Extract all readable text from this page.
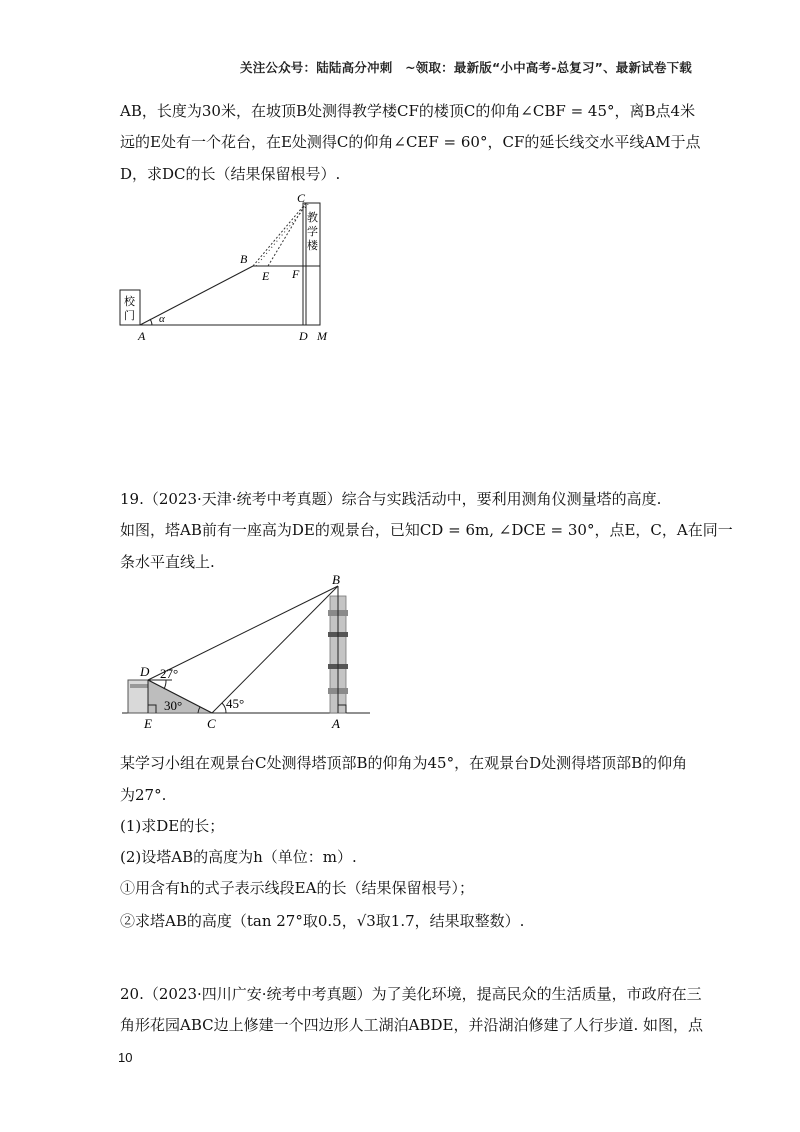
关注公众号：陆陆高分冲刺　~领取：最新版“小中高考-总复习”、最新试卷下载
AB，长度为30米，在坡顶B处测得教学楼CF的楼顶C的仰角∠CBF = 45°，离B点4米
远的E处有一个花台，在E处测得C的仰角∠CEF = 60°，CF的延长线交水平线AM于点
D，求DC的长（结果保留根号）.
校
门
教
学
楼
A
B
C
D
E F
M
α
19.（2023·天津·统考中考真题）综合与实践活动中，要利用测角仪测量塔的高度.
如图，塔AB前有一座高为DE的观景台，已知CD = 6m, ∠DCE = 30°，点E，C，A在同一
条水平直线上.
B
D
E	C	A
27°
30°	45°
某学习小组在观景台C处测得塔顶部B的仰角为45°，在观景台D处测得塔顶部B的仰角
为27°.
(1)求DE的长；
(2)设塔AB的高度为h（单位：m）.
①用含有h的式子表示线段EA的长（结果保留根号）；
②求塔AB的高度（tan 27°取0.5，√3取1.7，结果取整数）.
20.（2023·四川广安·统考中考真题）为了美化环境，提高民众的生活质量，市政府在三
角形花园ABC边上修建一个四边形人工湖泊ABDE，并沿湖泊修建了人行步道. 如图，点
10
